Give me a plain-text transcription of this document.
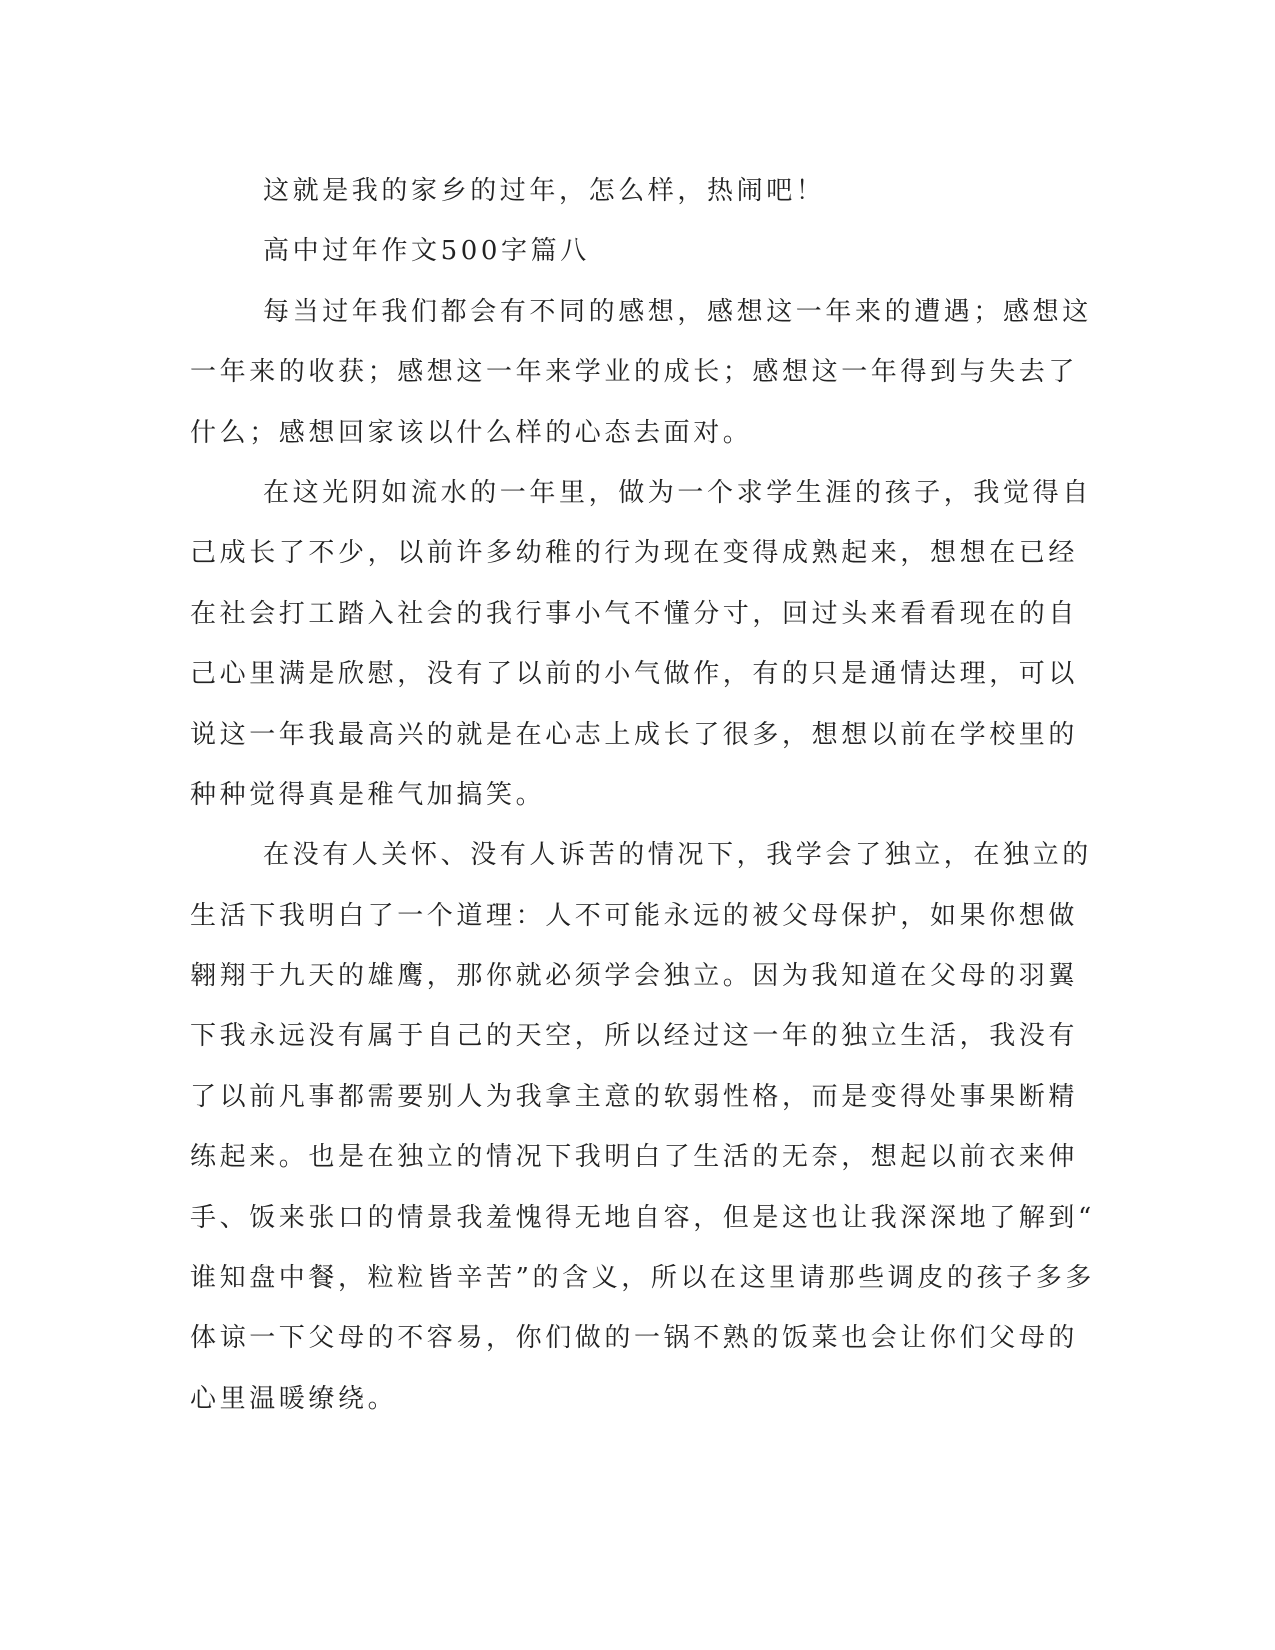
这就是我的家乡的过年，怎么样，热闹吧！
高中过年作文500字篇八
每当过年我们都会有不同的感想，感想这一年来的遭遇；感想这
一年来的收获；感想这一年来学业的成长；感想这一年得到与失去了
什么；感想回家该以什么样的心态去面对。
在这光阴如流水的一年里，做为一个求学生涯的孩子，我觉得自
己成长了不少，以前许多幼稚的行为现在变得成熟起来，想想在已经
在社会打工踏入社会的我行事小气不懂分寸，回过头来看看现在的自
己心里满是欣慰，没有了以前的小气做作，有的只是通情达理，可以
说这一年我最高兴的就是在心志上成长了很多，想想以前在学校里的
种种觉得真是稚气加搞笑。
在没有人关怀、没有人诉苦的情况下，我学会了独立，在独立的
生活下我明白了一个道理：人不可能永远的被父母保护，如果你想做
翱翔于九天的雄鹰，那你就必须学会独立。因为我知道在父母的羽翼
下我永远没有属于自己的天空，所以经过这一年的独立生活，我没有
了以前凡事都需要别人为我拿主意的软弱性格，而是变得处事果断精
练起来。也是在独立的情况下我明白了生活的无奈，想起以前衣来伸
手、饭来张口的情景我羞愧得无地自容，但是这也让我深深地了解到“
谁知盘中餐，粒粒皆辛苦”的含义，所以在这里请那些调皮的孩子多多
体谅一下父母的不容易，你们做的一锅不熟的饭菜也会让你们父母的
心里温暖缭绕。
